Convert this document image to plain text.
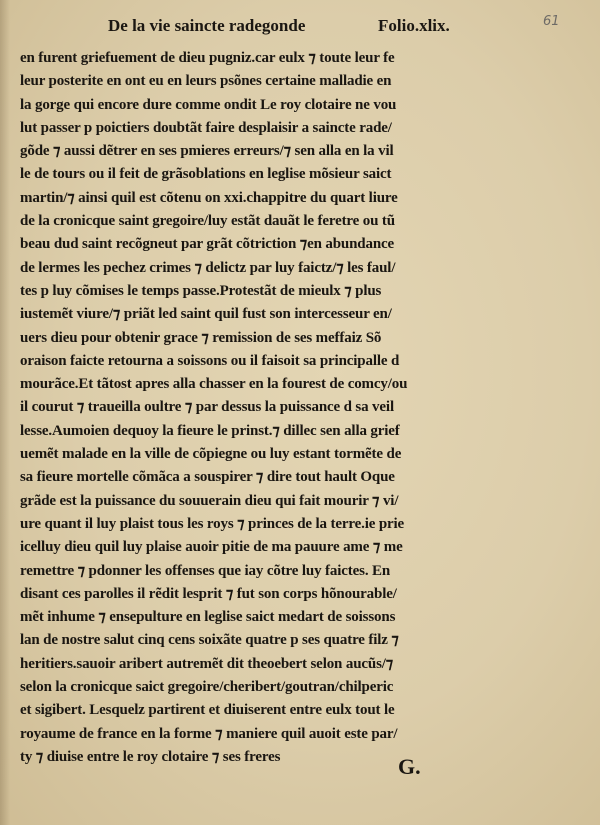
61
De la vie saincte radegonde	Folio.xlix.
en furent griefuement de dieu pugniz.car eulx ⁊ toute leur fe
leur posterite en ont eu en leurs psõnes certaine malladie en
la gorge qui encore dure comme ondit Le roy clotaire ne vou
lut passer p poictiers doubtãt faire desplaisir a saincte rade/
gõde ⁊ aussi dẽtrer en ses pmieres erreurs/⁊ sen alla en la vil
le de tours ou il feit de grãsoblations en leglise mõsieur saict
martin/⁊ ainsi quil est cõtenu on xxi.chappitre du quart liure
de la cronicque saint gregoire/luy estãt dauãt le feretre ou tũ
beau dud saint recõgneut par grãt cõtriction ⁊en abundance
de lermes les pechez crimes ⁊ delictz par luy faictz/⁊ les faul/
tes p luy cõmises le temps passe.Protestãt de mieulx ⁊ plus
iustemẽt viure/⁊ priãt led saint quil fust son intercesseur en/
uers dieu pour obtenir grace ⁊ remission de ses meffaiz Sõ
oraison faicte retourna a soissons ou il faisoit sa principalle d
mourãce.Et tãtost apres alla chasser en la fourest de comcy/ou
il courut ⁊ traueilla oultre ⁊ par dessus la puissance d sa veil
lesse.Aumoien dequoy la fieure le prinst.⁊ dillec sen alla grief
uemẽt malade en la ville de cõpiegne ou luy estant tormẽte de
sa fieure mortelle cõmãca a souspirer ⁊ dire tout hault Oque
grãde est la puissance du souuerain dieu qui fait mourir ⁊ vi/
ure quant il luy plaist tous les roys ⁊ princes de la terre.ie prie
icelluy dieu quil luy plaise auoir pitie de ma pauure ame ⁊ me
remettre ⁊ pdonner les offenses que iay cõtre luy faictes. En
disant ces parolles il rẽdit lesprit ⁊ fut son corps hõnourable/
mẽt inhume ⁊ ensepulture en leglise saict medart de soissons
lan de nostre salut cinq cens soixãte quatre p ses quatre filz ⁊
heritiers.sauoir aribert autremẽt dit theoebert selon aucũs/⁊
selon la cronicque saict gregoire/cheribert/goutran/chilperic
et sigibert. Lesquelz partirent et diuiserent entre eulx tout le
royaume de france en la forme ⁊ maniere quil auoit este par/
ty ⁊ diuise entre le roy clotaire ⁊ ses freres	G.
